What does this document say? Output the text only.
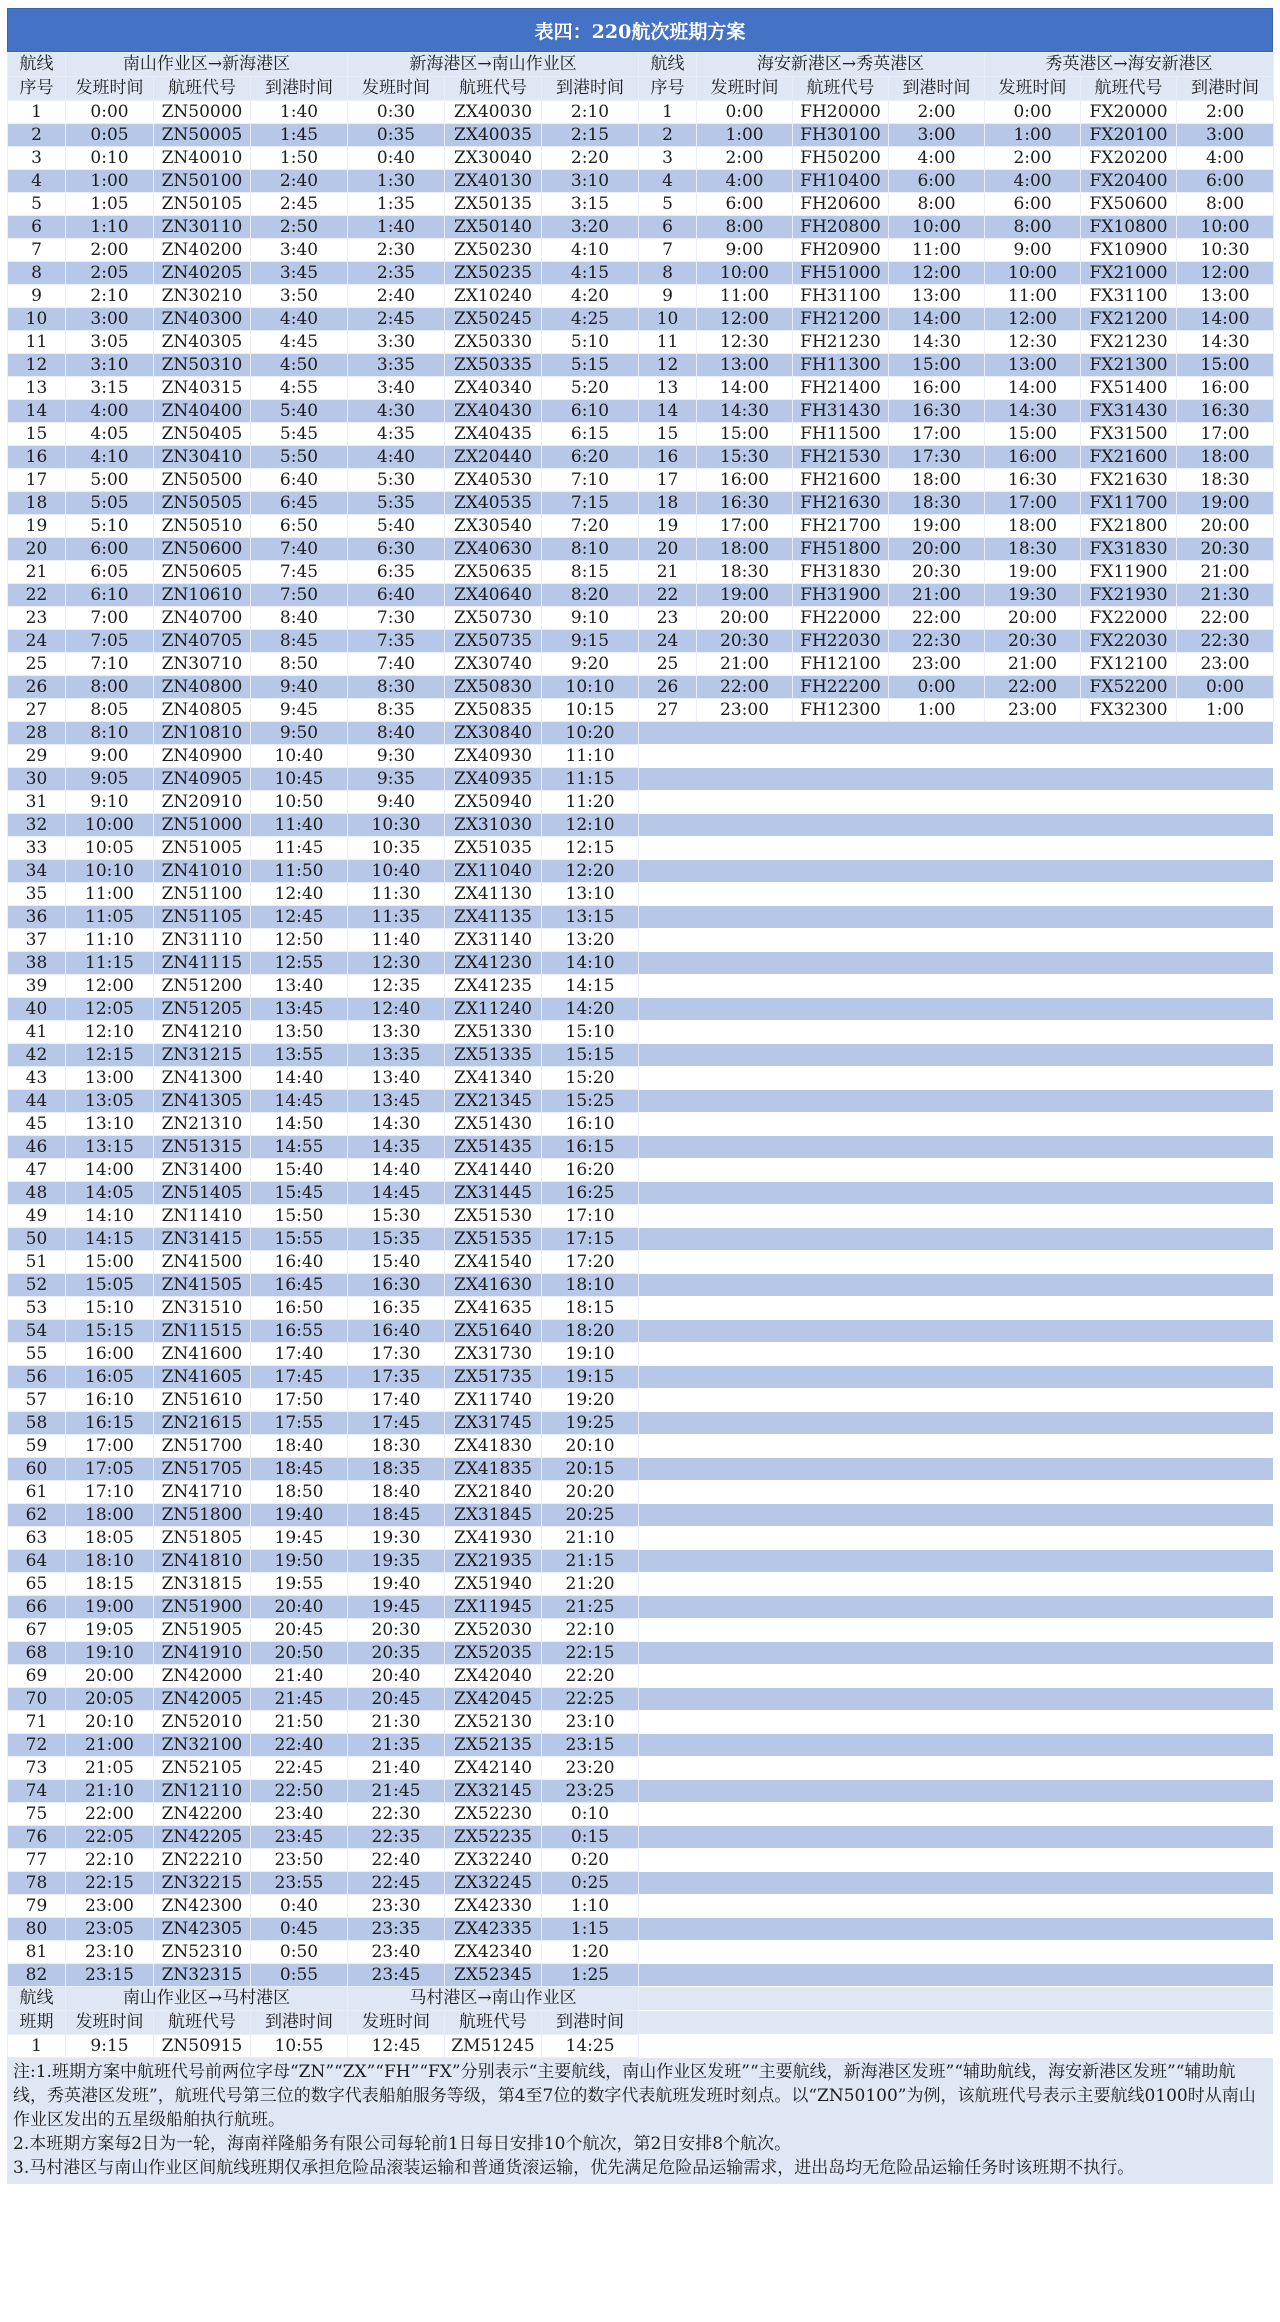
表四：220航次班期方案
航线	南山作业区→新海港区			新海港区→南山作业区			航线	海安新港区→秀英港区			秀英港区→海安新港区		
序号	发班时间	航班代号	到港时间	发班时间	航班代号	到港时间	序号	发班时间	航班代号	到港时间	发班时间	航班代号	到港时间
1	0:00	ZN50000	1:40	0:30	ZX40030	2:10	1	0:00	FH20000	2:00	0:00	FX20000	2:00
2	0:05	ZN50005	1:45	0:35	ZX40035	2:15	2	1:00	FH30100	3:00	1:00	FX20100	3:00
3	0:10	ZN40010	1:50	0:40	ZX30040	2:20	3	2:00	FH50200	4:00	2:00	FX20200	4:00
4	1:00	ZN50100	2:40	1:30	ZX40130	3:10	4	4:00	FH10400	6:00	4:00	FX20400	6:00
5	1:05	ZN50105	2:45	1:35	ZX50135	3:15	5	6:00	FH20600	8:00	6:00	FX50600	8:00
6	1:10	ZN30110	2:50	1:40	ZX50140	3:20	6	8:00	FH20800	10:00	8:00	FX10800	10:00
7	2:00	ZN40200	3:40	2:30	ZX50230	4:10	7	9:00	FH20900	11:00	9:00	FX10900	10:30
8	2:05	ZN40205	3:45	2:35	ZX50235	4:15	8	10:00	FH51000	12:00	10:00	FX21000	12:00
9	2:10	ZN30210	3:50	2:40	ZX10240	4:20	9	11:00	FH31100	13:00	11:00	FX31100	13:00
10	3:00	ZN40300	4:40	2:45	ZX50245	4:25	10	12:00	FH21200	14:00	12:00	FX21200	14:00
11	3:05	ZN40305	4:45	3:30	ZX50330	5:10	11	12:30	FH21230	14:30	12:30	FX21230	14:30
12	3:10	ZN50310	4:50	3:35	ZX50335	5:15	12	13:00	FH11300	15:00	13:00	FX21300	15:00
13	3:15	ZN40315	4:55	3:40	ZX40340	5:20	13	14:00	FH21400	16:00	14:00	FX51400	16:00
14	4:00	ZN40400	5:40	4:30	ZX40430	6:10	14	14:30	FH31430	16:30	14:30	FX31430	16:30
15	4:05	ZN50405	5:45	4:35	ZX40435	6:15	15	15:00	FH11500	17:00	15:00	FX31500	17:00
16	4:10	ZN30410	5:50	4:40	ZX20440	6:20	16	15:30	FH21530	17:30	16:00	FX21600	18:00
17	5:00	ZN50500	6:40	5:30	ZX40530	7:10	17	16:00	FH21600	18:00	16:30	FX21630	18:30
18	5:05	ZN50505	6:45	5:35	ZX40535	7:15	18	16:30	FH21630	18:30	17:00	FX11700	19:00
19	5:10	ZN50510	6:50	5:40	ZX30540	7:20	19	17:00	FH21700	19:00	18:00	FX21800	20:00
20	6:00	ZN50600	7:40	6:30	ZX40630	8:10	20	18:00	FH51800	20:00	18:30	FX31830	20:30
21	6:05	ZN50605	7:45	6:35	ZX50635	8:15	21	18:30	FH31830	20:30	19:00	FX11900	21:00
22	6:10	ZN10610	7:50	6:40	ZX40640	8:20	22	19:00	FH31900	21:00	19:30	FX21930	21:30
23	7:00	ZN40700	8:40	7:30	ZX50730	9:10	23	20:00	FH22000	22:00	20:00	FX22000	22:00
24	7:05	ZN40705	8:45	7:35	ZX50735	9:15	24	20:30	FH22030	22:30	20:30	FX22030	22:30
25	7:10	ZN30710	8:50	7:40	ZX30740	9:20	25	21:00	FH12100	23:00	21:00	FX12100	23:00
26	8:00	ZN40800	9:40	8:30	ZX50830	10:10	26	22:00	FH22200	0:00	22:00	FX52200	0:00
27	8:05	ZN40805	9:45	8:35	ZX50835	10:15	27	23:00	FH12300	1:00	23:00	FX32300	1:00
28	8:10	ZN10810	9:50	8:40	ZX30840	10:20							
29	9:00	ZN40900	10:40	9:30	ZX40930	11:10							
30	9:05	ZN40905	10:45	9:35	ZX40935	11:15							
31	9:10	ZN20910	10:50	9:40	ZX50940	11:20							
32	10:00	ZN51000	11:40	10:30	ZX31030	12:10							
33	10:05	ZN51005	11:45	10:35	ZX51035	12:15							
34	10:10	ZN41010	11:50	10:40	ZX11040	12:20							
35	11:00	ZN51100	12:40	11:30	ZX41130	13:10							
36	11:05	ZN51105	12:45	11:35	ZX41135	13:15							
37	11:10	ZN31110	12:50	11:40	ZX31140	13:20							
38	11:15	ZN41115	12:55	12:30	ZX41230	14:10							
39	12:00	ZN51200	13:40	12:35	ZX41235	14:15							
40	12:05	ZN51205	13:45	12:40	ZX11240	14:20							
41	12:10	ZN41210	13:50	13:30	ZX51330	15:10							
42	12:15	ZN31215	13:55	13:35	ZX51335	15:15							
43	13:00	ZN41300	14:40	13:40	ZX41340	15:20							
44	13:05	ZN41305	14:45	13:45	ZX21345	15:25							
45	13:10	ZN21310	14:50	14:30	ZX51430	16:10							
46	13:15	ZN51315	14:55	14:35	ZX51435	16:15							
47	14:00	ZN31400	15:40	14:40	ZX41440	16:20							
48	14:05	ZN51405	15:45	14:45	ZX31445	16:25							
49	14:10	ZN11410	15:50	15:30	ZX51530	17:10							
50	14:15	ZN31415	15:55	15:35	ZX51535	17:15							
51	15:00	ZN41500	16:40	15:40	ZX41540	17:20							
52	15:05	ZN41505	16:45	16:30	ZX41630	18:10							
53	15:10	ZN31510	16:50	16:35	ZX41635	18:15							
54	15:15	ZN11515	16:55	16:40	ZX51640	18:20							
55	16:00	ZN41600	17:40	17:30	ZX31730	19:10							
56	16:05	ZN41605	17:45	17:35	ZX51735	19:15							
57	16:10	ZN51610	17:50	17:40	ZX11740	19:20							
58	16:15	ZN21615	17:55	17:45	ZX31745	19:25							
59	17:00	ZN51700	18:40	18:30	ZX41830	20:10							
60	17:05	ZN51705	18:45	18:35	ZX41835	20:15							
61	17:10	ZN41710	18:50	18:40	ZX21840	20:20							
62	18:00	ZN51800	19:40	18:45	ZX31845	20:25							
63	18:05	ZN51805	19:45	19:30	ZX41930	21:10							
64	18:10	ZN41810	19:50	19:35	ZX21935	21:15							
65	18:15	ZN31815	19:55	19:40	ZX51940	21:20							
66	19:00	ZN51900	20:40	19:45	ZX11945	21:25							
67	19:05	ZN51905	20:45	20:30	ZX52030	22:10							
68	19:10	ZN41910	20:50	20:35	ZX52035	22:15							
69	20:00	ZN42000	21:40	20:40	ZX42040	22:20							
70	20:05	ZN42005	21:45	20:45	ZX42045	22:25							
71	20:10	ZN52010	21:50	21:30	ZX52130	23:10							
72	21:00	ZN32100	22:40	21:35	ZX52135	23:15							
73	21:05	ZN52105	22:45	21:40	ZX42140	23:20							
74	21:10	ZN12110	22:50	21:45	ZX32145	23:25							
75	22:00	ZN42200	23:40	22:30	ZX52230	0:10							
76	22:05	ZN42205	23:45	22:35	ZX52235	0:15							
77	22:10	ZN22210	23:50	22:40	ZX32240	0:20							
78	22:15	ZN32215	23:55	22:45	ZX32245	0:25							
79	23:00	ZN42300	0:40	23:30	ZX42330	1:10							
80	23:05	ZN42305	0:45	23:35	ZX42335	1:15							
81	23:10	ZN52310	0:50	23:40	ZX42340	1:20							
82	23:15	ZN32315	0:55	23:45	ZX52345	1:25							
航线	南山作业区→马村港区			马村港区→南山作业区									
班期	发班时间	航班代号	到港时间	发班时间	航班代号	到港时间							
1	9:15	ZN50915	10:55	12:45	ZM51245	14:25							

注:1.班期方案中航班代号前两位字母“ZN”“ZX”“FH”“FX”分别表示“主要航线，南山作业区发班”“主要航线，新海港区发班”“辅助航线，海安新港区发班”“辅助航线，秀英港区发班”，航班代号第三位的数字代表船舶服务等级，第4至7位的数字代表航班发班时刻点。以“ZN50100”为例，该航班代号表示主要航线0100时从南山作业区发出的五星级船舶执行航班。

2.本班期方案每2日为一轮，海南祥隆船务有限公司每轮前1日每日安排10个航次，第2日安排8个航次。

3.马村港区与南山作业区间航线班期仅承担危险品滚装运输和普通货滚运输，优先满足危险品运输需求，进出岛均无危险品运输任务时该班期不执行。
